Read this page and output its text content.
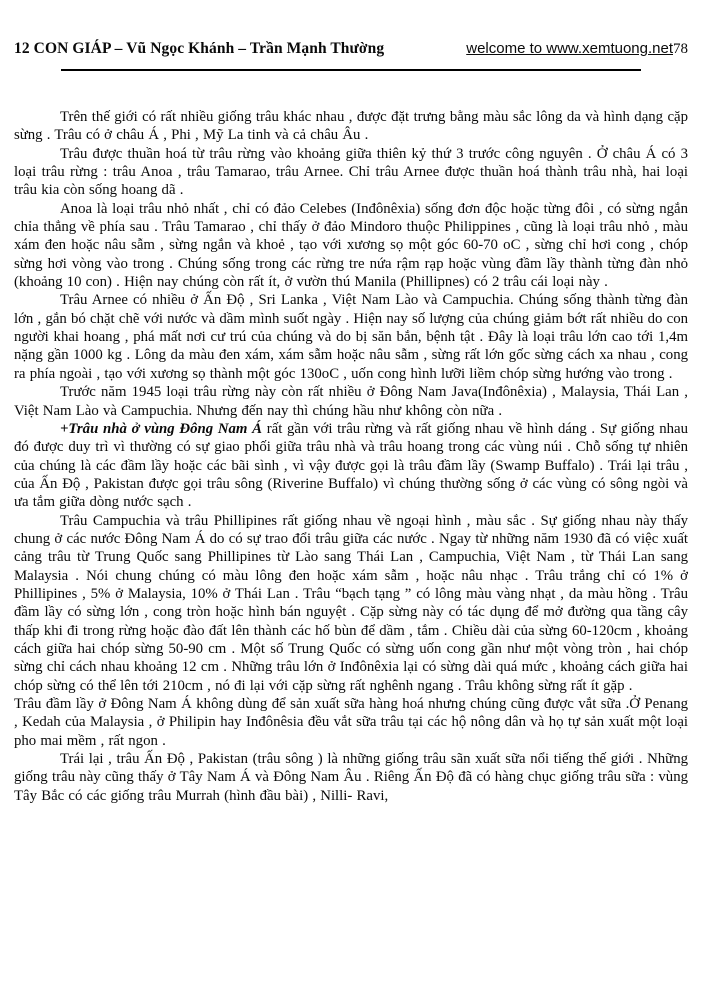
12 CON GIÁP – Vũ Ngọc Khánh – Trần Mạnh Thường	welcome to www.xemtuong.net78

Trên thế giới có rất nhiều giống trâu khác nhau , được đặt trưng bằng màu sắc lông da và hình dạng cặp sừng . Trâu có ở châu Á , Phi , Mỹ La tinh và cả châu Âu .

Trâu được thuần hoá từ trâu rừng vào khoảng giữa thiên kỷ thứ 3 trước công nguyên . Ở châu Á có 3 loại trâu rừng : trâu Anoa , trâu Tamarao, trâu Arnee. Chỉ trâu Arnee được thuần hoá thành trâu nhà, hai loại trâu kia còn sống hoang dã .

Anoa là loại trâu nhỏ nhất , chỉ có đảo Celebes (Inđônêxia) sống đơn độc hoặc từng đôi , có sừng ngắn chỉa thẳng về phía sau . Trâu Tamarao , chỉ thấy ở đảo Mindoro thuộc Philippines , cũng là loại trâu nhỏ , màu xám đen hoặc nâu sẫm , sừng ngắn và khoẻ , tạo với xương sọ một góc 60-70 oC , sừng chỉ hơi cong , chóp sừng hơi vòng vào trong . Chúng sống trong các rừng tre nứa rậm rạp hoặc vùng đầm lầy thành từng đàn nhỏ (khoảng 10 con) . Hiện nay chúng còn rất ít, ở vườn thú Manila (Phillipnes) có 2 trâu cái loại này .

Trâu Arnee có nhiều ở Ấn Độ , Sri Lanka , Việt Nam Lào và Campuchia. Chúng sống thành từng đàn lớn , gắn bó chặt chẽ với nước và dầm mình suốt ngày . Hiện nay số lượng của chúng giảm bớt rất nhiều do con người khai hoang , phá mất nơi cư trú của chúng và do bị săn bắn, bệnh tật . Đây là loại trâu lớn cao tới 1,4m nặng gần 1000 kg . Lông da màu đen xám, xám sẫm hoặc nâu sẫm , sừng rất lớn gốc sừng cách xa nhau , cong ra phía ngoài , tạo với xương sọ thành một góc 130oC , uốn cong hình lưỡi liềm chóp sừng hướng vào trong .

Trước năm 1945 loại trâu rừng này còn rất nhiều ở Đông Nam Java(Inđônêxia) , Malaysia, Thái Lan , Việt Nam Lào và Campuchia. Nhưng đến nay thì chúng hầu như không còn nữa .

+Trâu nhà ở vùng Đông Nam Á rất gần với trâu rừng và rất giống nhau về hình dáng . Sự giống nhau đó được duy trì vì thường có sự giao phối giữa trâu nhà và trâu hoang trong các vùng núi . Chỗ sống tự nhiên của chúng là các đầm lầy hoặc các bãi sình , vì vậy được gọi là trâu đầm lầy (Swamp Buffalo) . Trái lại trâu , của Ấn Độ , Pakistan được gọi trâu sông (Riverine Buffalo) vì chúng thường sống ở các vùng có sông ngòi và ưa tắm giữa dòng nước sạch .

Trâu Campuchia và trâu Phillipines rất giống nhau về ngoại hình , màu sắc . Sự giống nhau này thấy chung ở các nước Đông Nam Á do có sự trao đổi trâu giữa các nước . Ngay từ những năm 1930 đã có việc xuất cảng trâu từ Trung Quốc sang Phillipines từ Lào sang Thái Lan , Campuchia, Việt Nam , từ Thái Lan sang Malaysia . Nói chung chúng có màu lông đen hoặc xám sẫm , hoặc nâu nhạc . Trâu trắng chỉ có 1% ở Phillipines , 5% ở Malaysia, 10% ở Thái Lan . Trâu “bạch tạng ” có lông màu vàng nhạt , da màu hồng . Trâu đầm lầy có sừng lớn , cong tròn hoặc hình bán nguyệt . Cặp sừng này có tác dụng để mở đường qua tầng cây thấp khi đi trong rừng hoặc đào đất lên thành các hố bùn để dầm , tắm . Chiều dài của sừng 60-120cm , khoảng cách giữa hai chóp sừng 50-90 cm . Một số Trung Quốc có sừng uốn cong gần như một vòng tròn , hai chóp sừng chỉ cách nhau khoảng 12 cm . Những trâu lớn ở Inđônêxia lại có sừng dài quá mức , khoảng cách giữa hai chóp sừng có thể lên tới 210cm , nó đi lại với cặp sừng rất nghênh ngang . Trâu không sừng rất ít gặp .

Trâu đầm lầy ở Đông Nam Á không dùng để sản xuất sữa hàng hoá nhưng chúng cũng được vắt sữa .Ở Penang , Kedah của Malaysia , ở Philipin hay Inđônêsia đều vắt sữa trâu tại các hộ nông dân và họ tự sản xuất một loại pho mai mềm , rất ngon .

Trái lại , trâu Ấn Độ , Pakistan (trâu sông ) là những giống trâu sãn xuất sữa nổi tiếng thế giới . Những giống trâu này cũng thấy ở Tây Nam Á và Đông Nam Âu . Riêng Ấn Độ đã có hàng chục giống trâu sữa : vùng Tây Bắc có các giống trâu Murrah (hình đầu bài) , Nilli- Ravi,
